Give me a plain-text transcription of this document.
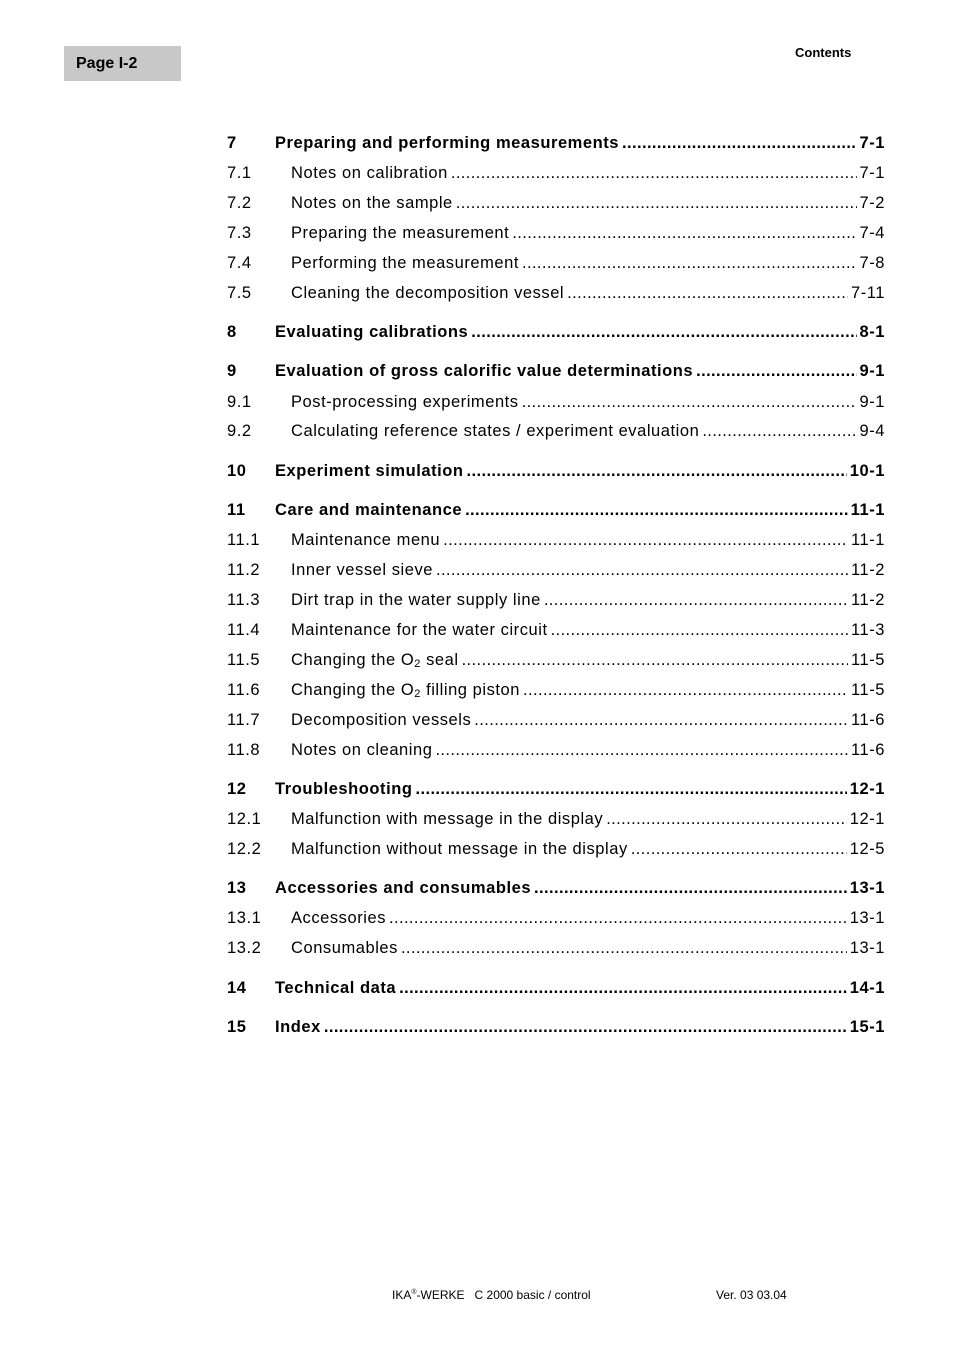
Page I-2
Contents
7 Preparing and performing measurements .....	7-1
7.1 Notes on calibration .....	7-1
7.2 Notes on the sample .....	7-2
7.3 Preparing the measurement .....	7-4
7.4 Performing the measurement .....	7-8
7.5 Cleaning the decomposition vessel .....	7-11
8 Evaluating calibrations .....	8-1
9 Evaluation of gross calorific value determinations .....	9-1
9.1 Post-processing experiments .....	9-1
9.2 Calculating reference states / experiment evaluation .....	9-4
10 Experiment simulation .....	10-1
11 Care and maintenance .....	11-1
11.1 Maintenance menu .....	11-1
11.2 Inner vessel sieve .....	11-2
11.3 Dirt trap in the water supply line .....	11-2
11.4 Maintenance for the water circuit .....	11-3
11.5 Changing the $O_2$ seal .....	11-5
11.6 Changing the $O_2$ filling piston .....	11-5
11.7 Decomposition vessels .....	11-6
11.8 Notes on cleaning .....	11-6
12 Troubleshooting .....	12-1
12.1 Malfunction with message in the display .....	12-1
12.2 Malfunction without message in the display .....	12-5
13 Accessories and consumables .....	13-1
13.1 Accessories .....	13-1
13.2 Consumables .....	13-1
14 Technical data .....	14-1
15 Index .....	15-1
IKA®-WERKE C 2000 basic / control	Ver. 03 03.04
